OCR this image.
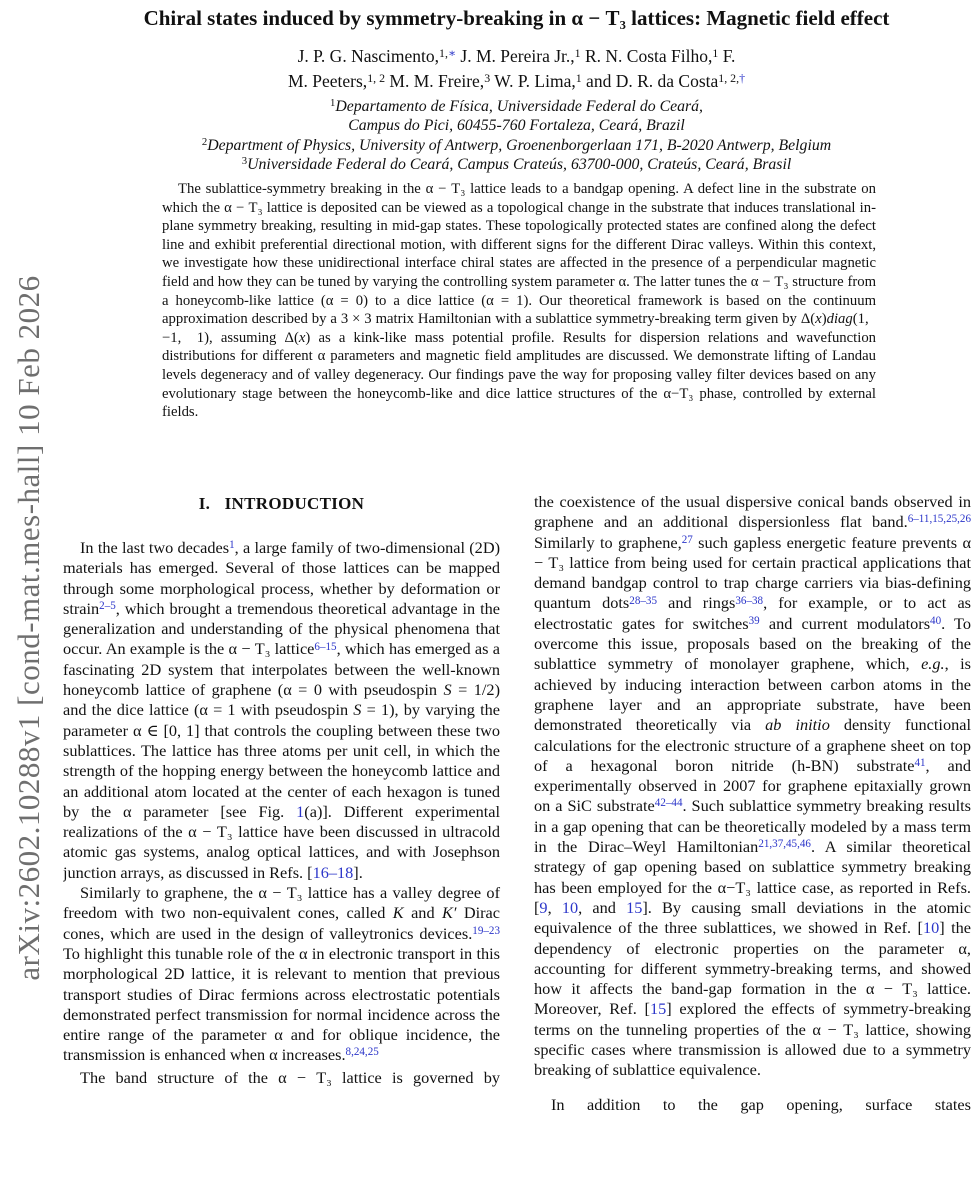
arXiv:2602.10288v1 [cond-mat.mes-hall] 10 Feb 2026
Chiral states induced by symmetry-breaking in α − T₃ lattices: Magnetic field effect
J. P. G. Nascimento,$^{1,∗}$ J. M. Pereira Jr.,$^1$ R. N. Costa Filho,$^1$ F.
M. Peeters,$^{1, 2}$ M. M. Freire,$^3$ W. P. Lima,$^1$ and D. R. da Costa$^{1, 2,\dagger}$
$^1$Departamento de Física, Universidade Federal do Ceará,
Campus do Pici, 60455-760 Fortaleza, Ceará, Brazil
$^2$Department of Physics, University of Antwerp, Groenenborgerlaan 171, B-2020 Antwerp, Belgium
$^3$Universidade Federal do Ceará, Campus Crateús, 63700-000, Crateús, Ceará, Brasil
The sublattice-symmetry breaking in the α − T₃ lattice leads to a bandgap opening. A defect line in the substrate on which the α − T₃ lattice is deposited can be viewed as a topological change in the substrate that induces translational in-plane symmetry breaking, resulting in mid-gap states. These topologically protected states are confined along the defect line and exhibit preferential directional motion, with different signs for the different Dirac valleys. Within this context, we investigate how these unidirectional interface chiral states are affected in the presence of a perpendicular magnetic field and how they can be tuned by varying the controlling system parameter α. The latter tunes the α − T₃ structure from a honeycomb-like lattice (α = 0) to a dice lattice (α = 1). Our theoretical framework is based on the continuum approximation described by a 3 × 3 matrix Hamiltonian with a sublattice symmetry-breaking term given by Δ(x)diag(1, −1,  1), assuming Δ(x) as a kink-like mass potential profile. Results for dispersion relations and wavefunction distributions for different α parameters and magnetic field amplitudes are discussed. We demonstrate lifting of Landau levels degeneracy and of valley degeneracy. Our findings pave the way for proposing valley filter devices based on any evolutionary stage between the honeycomb-like and dice lattice structures of the α−T₃ phase, controlled by external fields.
I. INTRODUCTION

In the last two decades$^1$, a large family of two-dimensional (2D) materials has emerged. Several of those lattices can be mapped through some morphological process, whether by deformation or strain$^{2-5}$, which brought a tremendous theoretical advantage in the generalization and understanding of the physical phenomena that occur. An example is the α − T₃ lattice$^{6-15}$, which has emerged as a fascinating 2D system that interpolates between the well-known honeycomb lattice of graphene (α = 0 with pseudospin S = 1/2) and the dice lattice (α = 1 with pseudospin S = 1), by varying the parameter α ∈ [0, 1] that controls the coupling between these two sublattices. The lattice has three atoms per unit cell, in which the strength of the hopping energy between the honeycomb lattice and an additional atom located at the center of each hexagon is tuned by the α parameter [see Fig. 1(a)]. Different experimental realizations of the α − T₃ lattice have been discussed in ultracold atomic gas systems, analog optical lattices, and with Josephson junction arrays, as discussed in Refs. [16–18].

Similarly to graphene, the α − T₃ lattice has a valley degree of freedom with two non-equivalent cones, called K and K′ Dirac cones, which are used in the design of valleytronics devices.$^{19-23}$ To highlight this tunable role of the α in electronic transport in this morphological 2D lattice, it is relevant to mention that previous transport studies of Dirac fermions across electrostatic potentials demonstrated perfect transmission for normal incidence across the entire range of the parameter α and for oblique incidence, the transmission is enhanced when α increases.$^{8,24,25}$

The band structure of the α − T₃ lattice is governed by

the coexistence of the usual dispersive conical bands observed in graphene and an additional dispersionless flat band.$^{6-11,15,25,26}$ Similarly to graphene,$^{27}$ such gapless energetic feature prevents α − T₃ lattice from being used for certain practical applications that demand bandgap control to trap charge carriers via bias-defining quantum dots$^{28-35}$ and rings$^{36-38}$, for example, or to act as electrostatic gates for switches$^{39}$ and current modulators$^{40}$. To overcome this issue, proposals based on the breaking of the sublattice symmetry of monolayer graphene, which, e.g., is achieved by inducing interaction between carbon atoms in the graphene layer and an appropriate substrate, have been demonstrated theoretically via ab initio density functional calculations for the electronic structure of a graphene sheet on top of a hexagonal boron nitride (h-BN) substrate$^{41}$, and experimentally observed in 2007 for graphene epitaxially grown on a SiC substrate$^{42-44}$. Such sublattice symmetry breaking results in a gap opening that can be theoretically modeled by a mass term in the Dirac–Weyl Hamiltonian$^{21,37,45,46}$. A similar theoretical strategy of gap opening based on sublattice symmetry breaking has been employed for the α−T₃ lattice case, as reported in Refs. [9, 10, and 15]. By causing small deviations in the atomic equivalence of the three sublattices, we showed in Ref. [10] the dependency of electronic properties on the parameter α, accounting for different symmetry-breaking terms, and showed how it affects the band-gap formation in the α − T₃ lattice. Moreover, Ref. [15] explored the effects of symmetry-breaking terms on the tunneling properties of the α − T₃ lattice, showing specific cases where transmission is allowed due to a symmetry breaking of sublattice equivalence.

In addition to the gap opening, surface states
